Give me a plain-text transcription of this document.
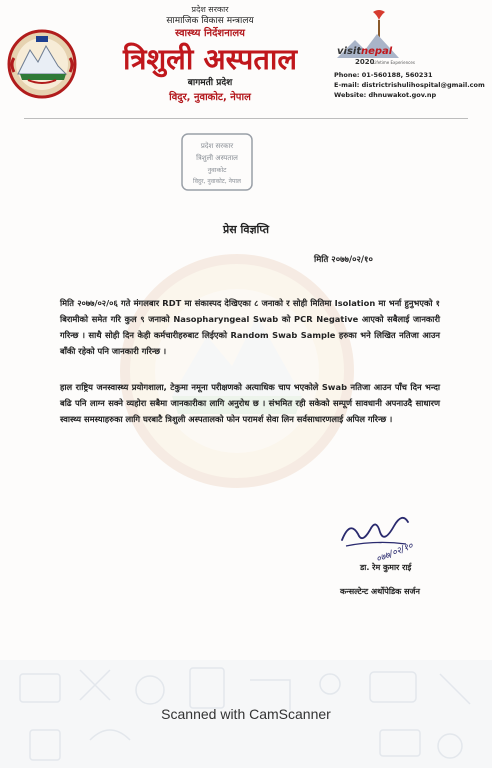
प्रदेश सरकार
सामाजिक विकास मन्त्रालय
स्वास्थ्य निर्देशनालय
त्रिशुली अस्पताल
बागमती प्रदेश
विदुर, नुवाकोट, नेपाल
visit nepal
2020
Lifetime Experiences
Phone: 01-560188, 560231
E-mail: districtrishulihospital@gmail.com
Website: dhnuwakot.gov.np
प्रदेश सरकार
त्रिशुली अस्पताल
नुवाकोट
विदुर, नुवाकोट, नेपाल
प्रेस विज्ञप्ति
मिति २०७७/०२/१०
मिति २०७७/०२/०६ गते मंगलबार RDT मा संकास्पद देखिएका ८ जनाको र सोही मितिमा Isolation मा भर्ना हुनुभएको १ बिरामीको समेत गरि कुल ९ जनाको Nasopharyngeal Swab को PCR Negative आएको सबैलाई जानकारी गरिन्छ । साथै सोही दिन केही कर्मचारीहरुबाट लिईएको Random Swab Sample हरुका भने लिखित नतिजा आउन बाँकी रहेको पनि जानकारी गरिन्छ ।
हाल राष्ट्रिय जनस्वास्थ्य प्रयोगशाला, टेकुमा नमूना परीक्षणको अत्याधिक चाप भएकोले Swab नतिजा आउन पाँच दिन भन्दा बढि पनि लाग्न सक्ने व्यहोरा सबैमा जानकारीका लागि अनुरोध छ । संभमित रही सकेको सम्पूर्ण सावधानी अपनाउदै साधारण स्वास्थ्य समस्याहरुका लागि घरबाटै त्रिशुली अस्पतालको फोन परामर्श सेवा लिन सर्वसाधारणलाई अपिल गरिन्छ ।
०७७/०२/१०
डा. रेम कुमार राई
कन्सल्टेन्ट अर्थोपेडिक सर्जन
Scanned with CamScanner
